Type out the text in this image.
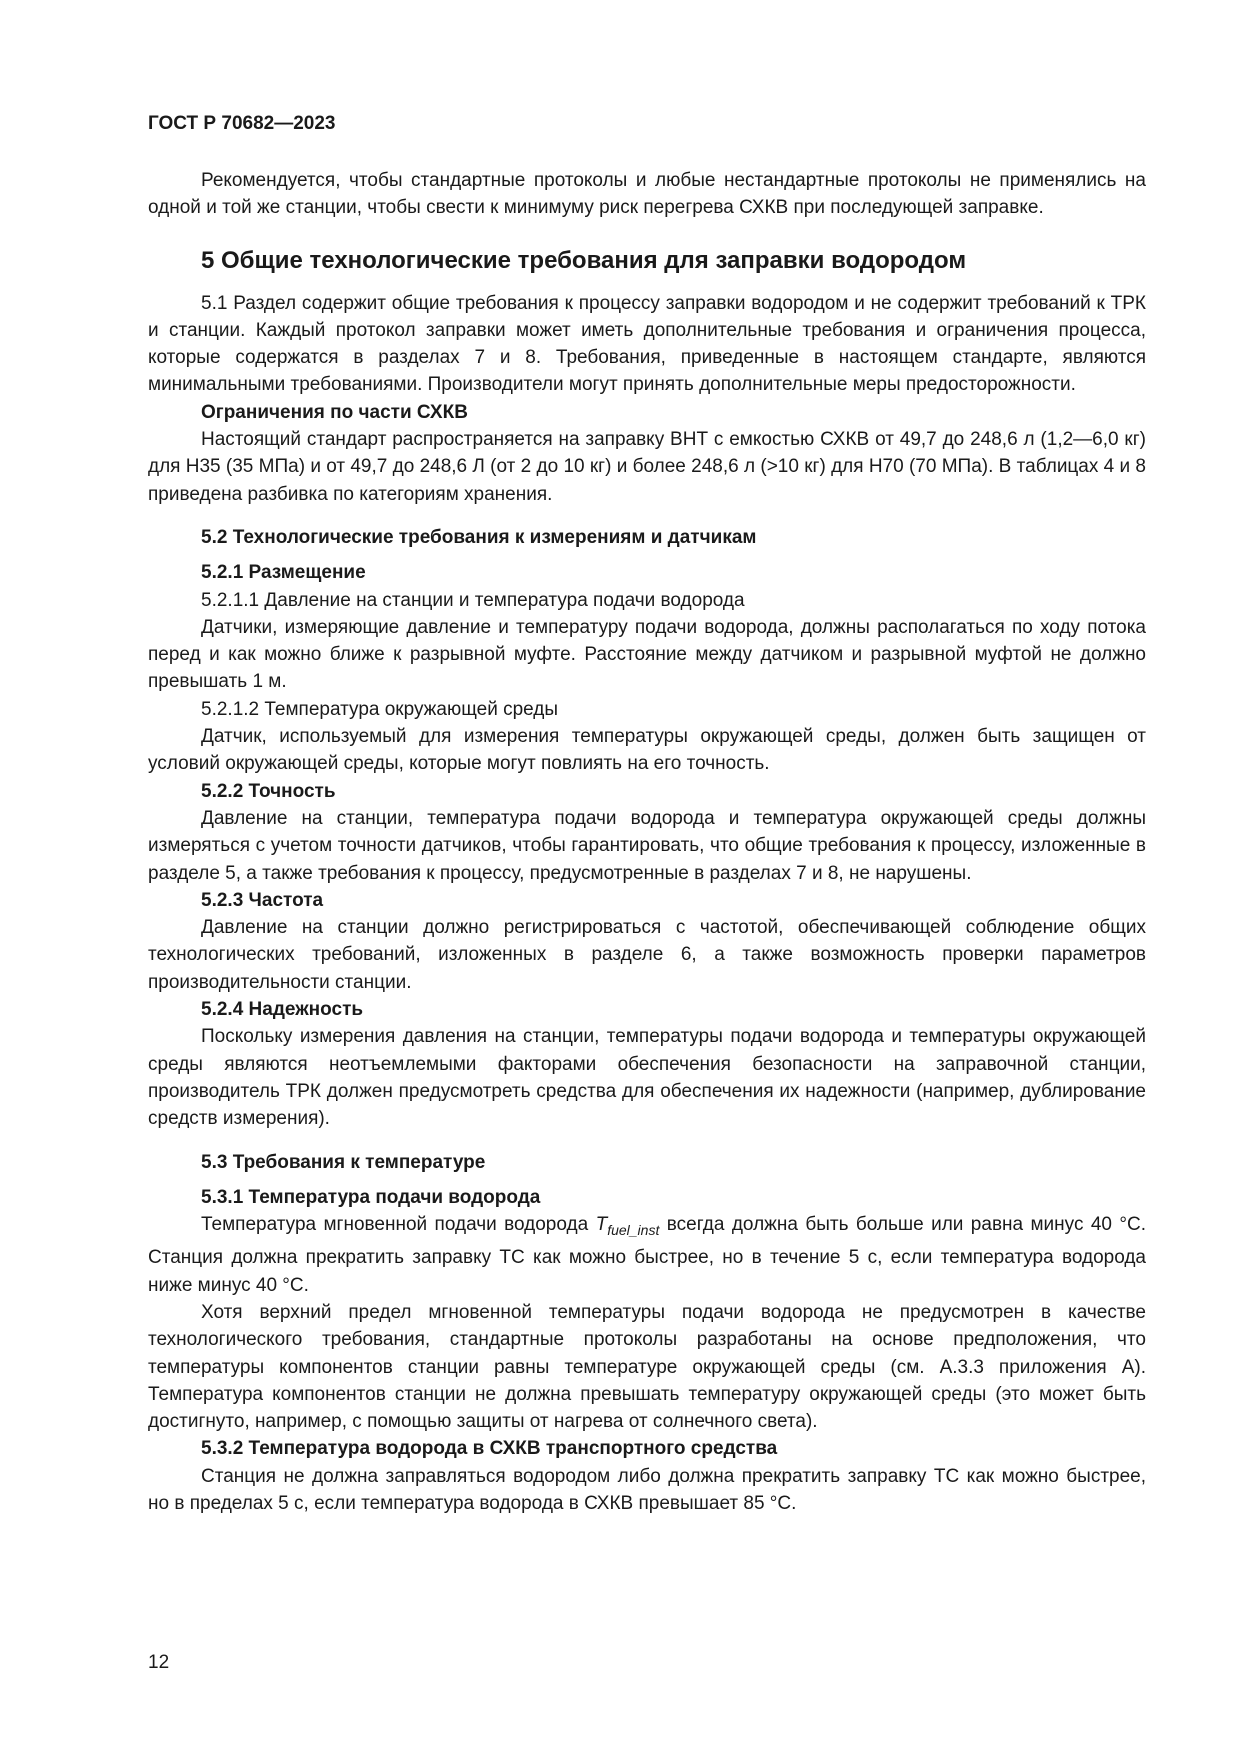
ГОСТ Р 70682—2023

Рекомендуется, чтобы стандартные протоколы и любые нестандартные протоколы не применялись на одной и той же станции, чтобы свести к минимуму риск перегрева СХКВ при последующей заправке.

5 Общие технологические требования для заправки водородом

5.1 Раздел содержит общие требования к процессу заправки водородом и не содержит требований к ТРК и станции. Каждый протокол заправки может иметь дополнительные требования и ограничения процесса, которые содержатся в разделах 7 и 8. Требования, приведенные в настоящем стандарте, являются минимальными требованиями. Производители могут принять дополнительные меры предосторожности.

Ограничения по части СХКВ

Настоящий стандарт распространяется на заправку ВНТ с емкостью СХКВ от 49,7 до 248,6 л (1,2—6,0 кг) для Н35 (35 МПа) и от 49,7 до 248,6 Л (от 2 до 10 кг) и более 248,6 л (>10 кг) для Н70 (70 МПа). В таблицах 4 и 8 приведена разбивка по категориям хранения.

5.2 Технологические требования к измерениям и датчикам

5.2.1 Размещение

5.2.1.1 Давление на станции и температура подачи водорода

Датчики, измеряющие давление и температуру подачи водорода, должны располагаться по ходу потока перед и как можно ближе к разрывной муфте. Расстояние между датчиком и разрывной муфтой не должно превышать 1 м.

5.2.1.2 Температура окружающей среды

Датчик, используемый для измерения температуры окружающей среды, должен быть защищен от условий окружающей среды, которые могут повлиять на его точность.

5.2.2 Точность

Давление на станции, температура подачи водорода и температура окружающей среды должны измеряться с учетом точности датчиков, чтобы гарантировать, что общие требования к процессу, изложенные в разделе 5, а также требования к процессу, предусмотренные в разделах 7 и 8, не нарушены.

5.2.3 Частота

Давление на станции должно регистрироваться с частотой, обеспечивающей соблюдение общих технологических требований, изложенных в разделе 6, а также возможность проверки параметров производительности станции.

5.2.4 Надежность

Поскольку измерения давления на станции, температуры подачи водорода и температуры окружающей среды являются неотъемлемыми факторами обеспечения безопасности на заправочной станции, производитель ТРК должен предусмотреть средства для обеспечения их надежности (например, дублирование средств измерения).

5.3 Требования к температуре

5.3.1 Температура подачи водорода

Температура мгновенной подачи водорода $T_{fuel\_inst}$ всегда должна быть больше или равна минус 40 °С. Станция должна прекратить заправку ТС как можно быстрее, но в течение 5 с, если температура водорода ниже минус 40 °С.

Хотя верхний предел мгновенной температуры подачи водорода не предусмотрен в качестве технологического требования, стандартные протоколы разработаны на основе предположения, что температуры компонентов станции равны температуре окружающей среды (см. А.3.3 приложения А). Температура компонентов станции не должна превышать температуру окружающей среды (это может быть достигнуто, например, с помощью защиты от нагрева от солнечного света).

5.3.2 Температура водорода в СХКВ транспортного средства

Станция не должна заправляться водородом либо должна прекратить заправку ТС как можно быстрее, но в пределах 5 с, если температура водорода в СХКВ превышает 85 °С.

12
